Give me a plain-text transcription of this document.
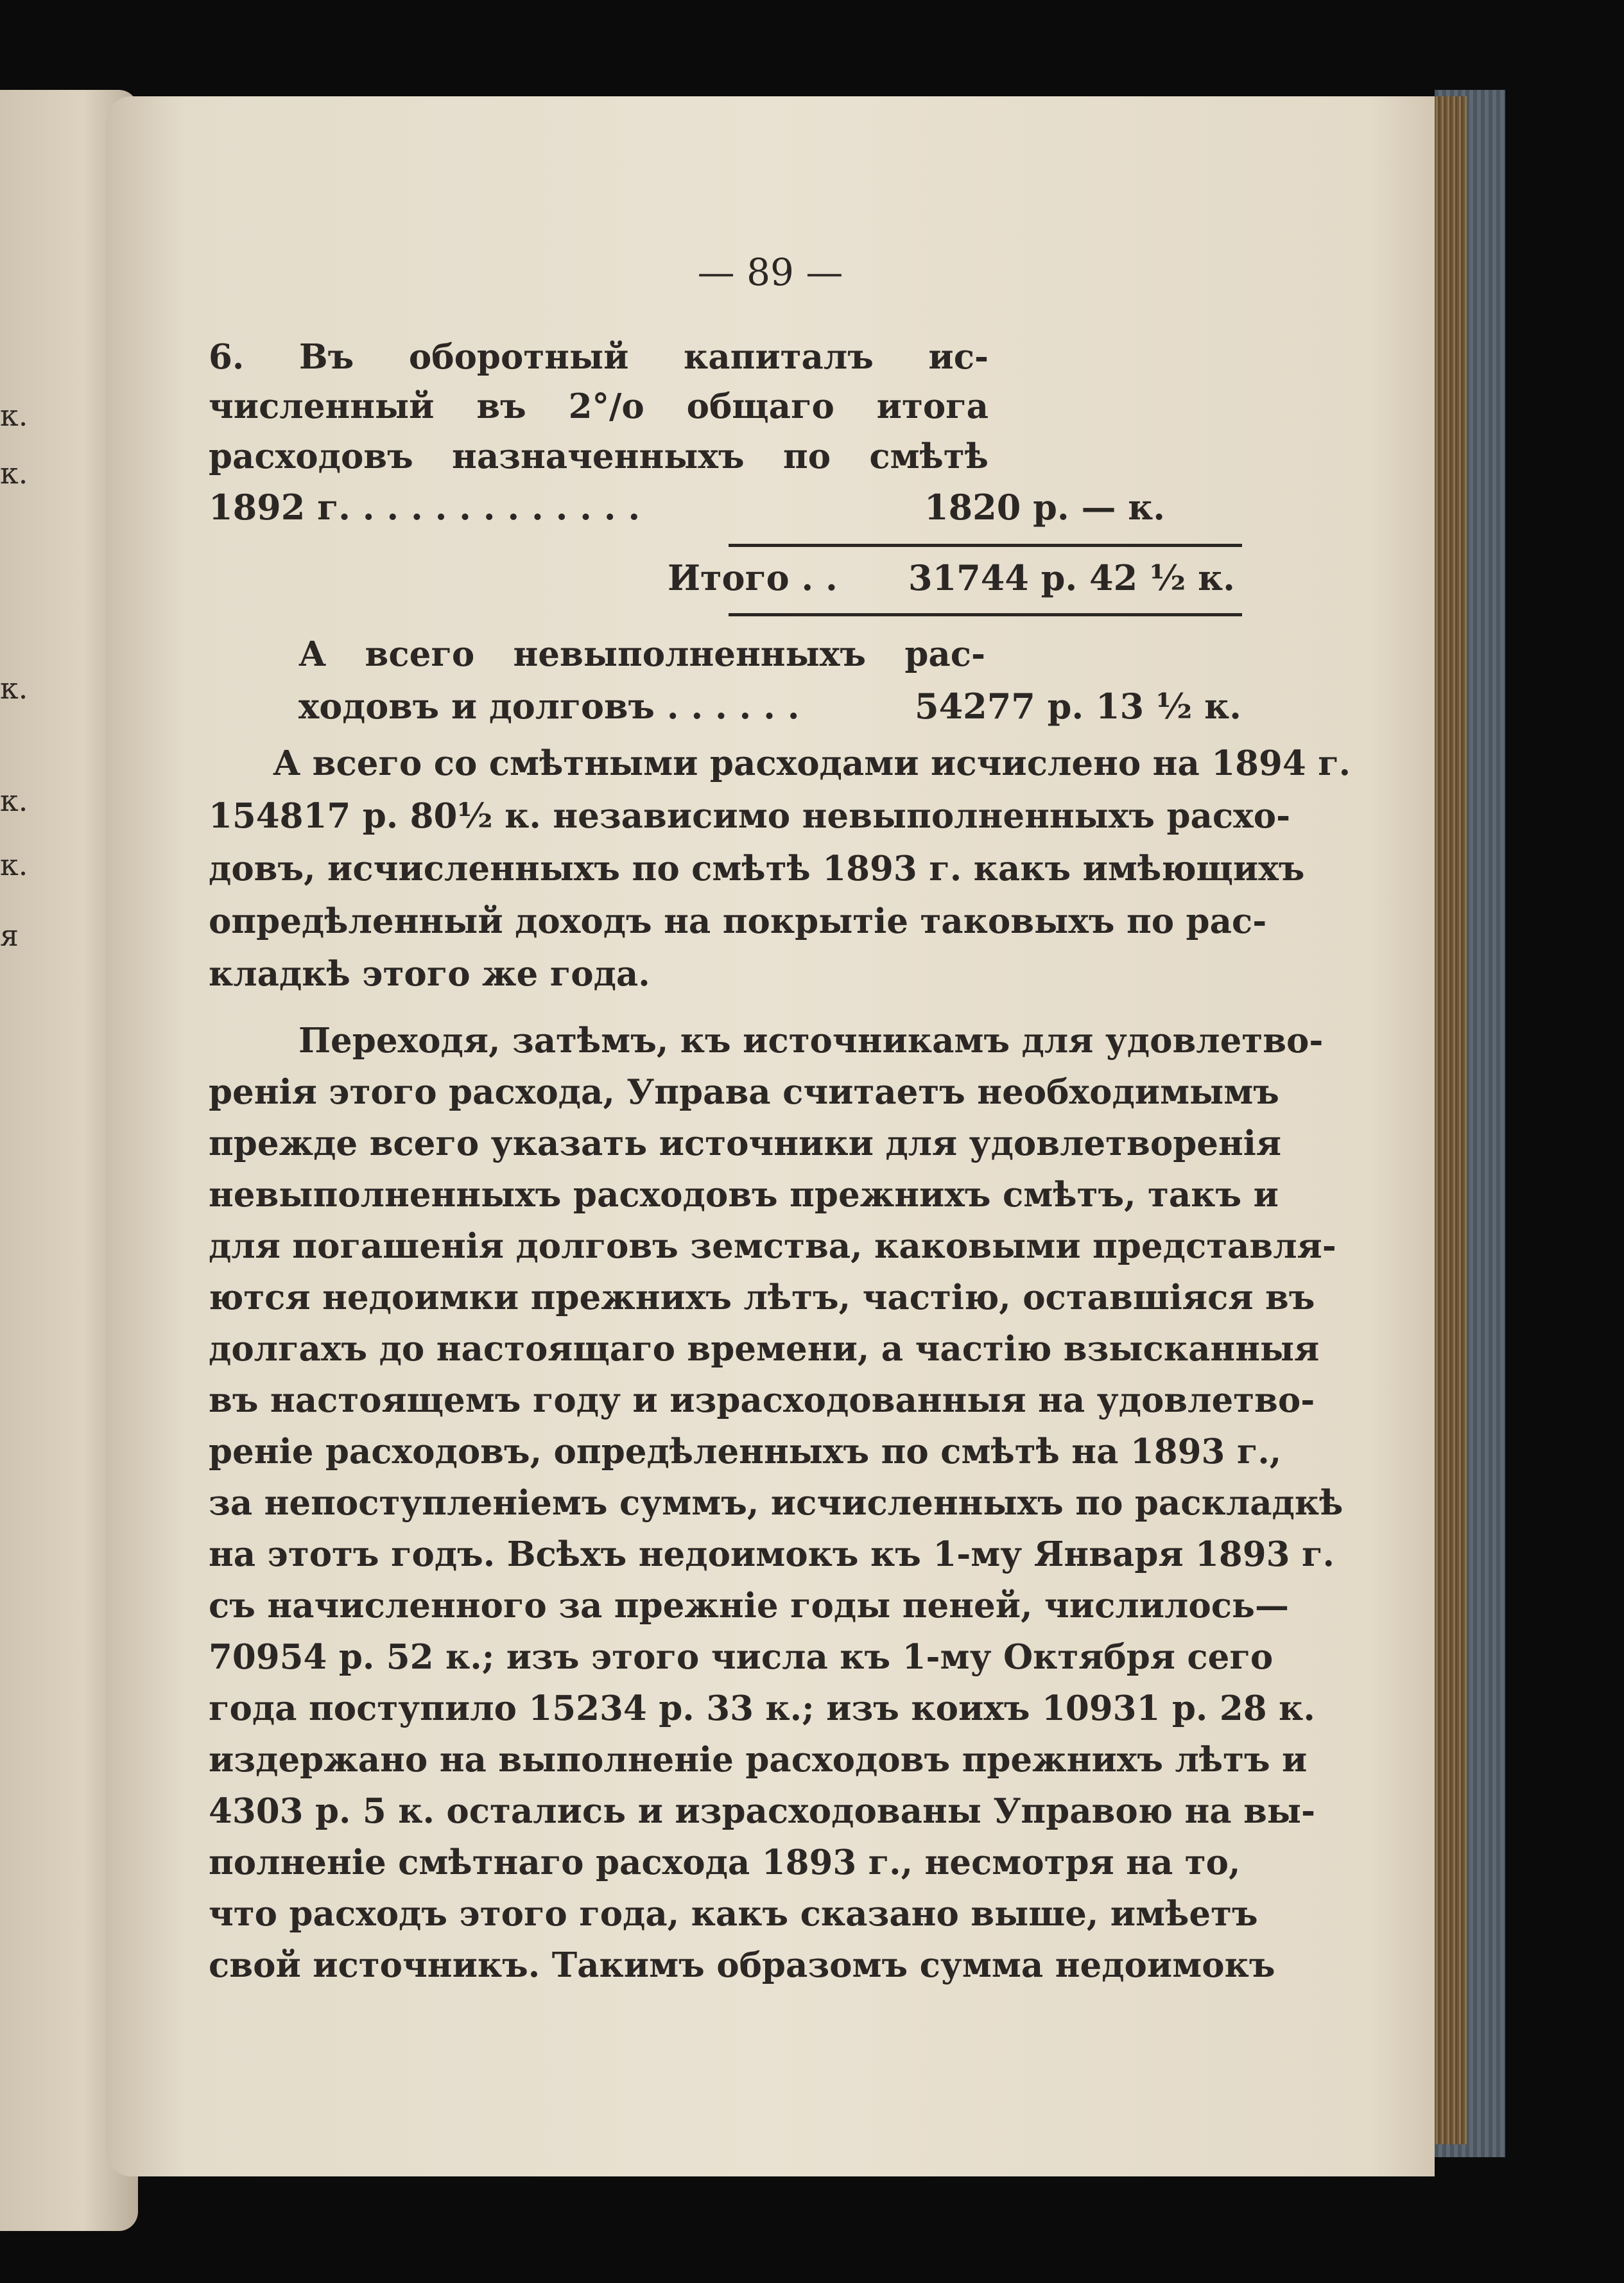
к.
к.
к.
к.
к.
я
— 89 —
6. Въ оборотный капиталъ ис-
численный въ 2°/о общаго итога
расходовъ назначенныхъ по смѣтѣ
1892 г. . . . . . . . . . . . .	1820 р. — к.
Итого . . 31744 р. 42 ½ к.
А всего невыполненныхъ рас-
ходовъ и долговъ . . . . . .	54277 р. 13 ½ к.
А всего со смѣтными расходами исчислено на 1894 г.
154817 р. 80½ к. независимо невыполненныхъ расхо-
довъ, исчисленныхъ по смѣтѣ 1893 г. какъ имѣющихъ
опредѣленный доходъ на покрытіе таковыхъ по рас-
кладкѣ этого же года.
Переходя, затѣмъ, къ источникамъ для удовлетво-
ренія этого расхода, Управа считаетъ необходимымъ
прежде всего указать источники для удовлетворенія
невыполненныхъ расходовъ прежнихъ смѣтъ, такъ и
для погашенія долговъ земства, каковыми представля-
ются недоимки прежнихъ лѣтъ, частію, оставшіяся въ
долгахъ до настоящаго времени, а частію взысканныя
въ настоящемъ году и израсходованныя на удовлетво-
реніе расходовъ, опредѣленныхъ по смѣтѣ на 1893 г.,
за непоступленіемъ суммъ, исчисленныхъ по раскладкѣ
на этотъ годъ. Всѣхъ недоимокъ къ 1-му Января 1893 г.
съ начисленного за прежніе годы пеней, числилось—
70954 р. 52 к.; изъ этого числа къ 1-му Октября сего
года поступило 15234 р. 33 к.; изъ коихъ 10931 р. 28 к.
издержано на выполненіе расходовъ прежнихъ лѣтъ и
4303 р. 5 к. остались и израсходованы Управою на вы-
полненіе смѣтнаго расхода 1893 г., несмотря на то,
что расходъ этого года, какъ сказано выше, имѣетъ
свой источникъ. Такимъ образомъ сумма недоимокъ
